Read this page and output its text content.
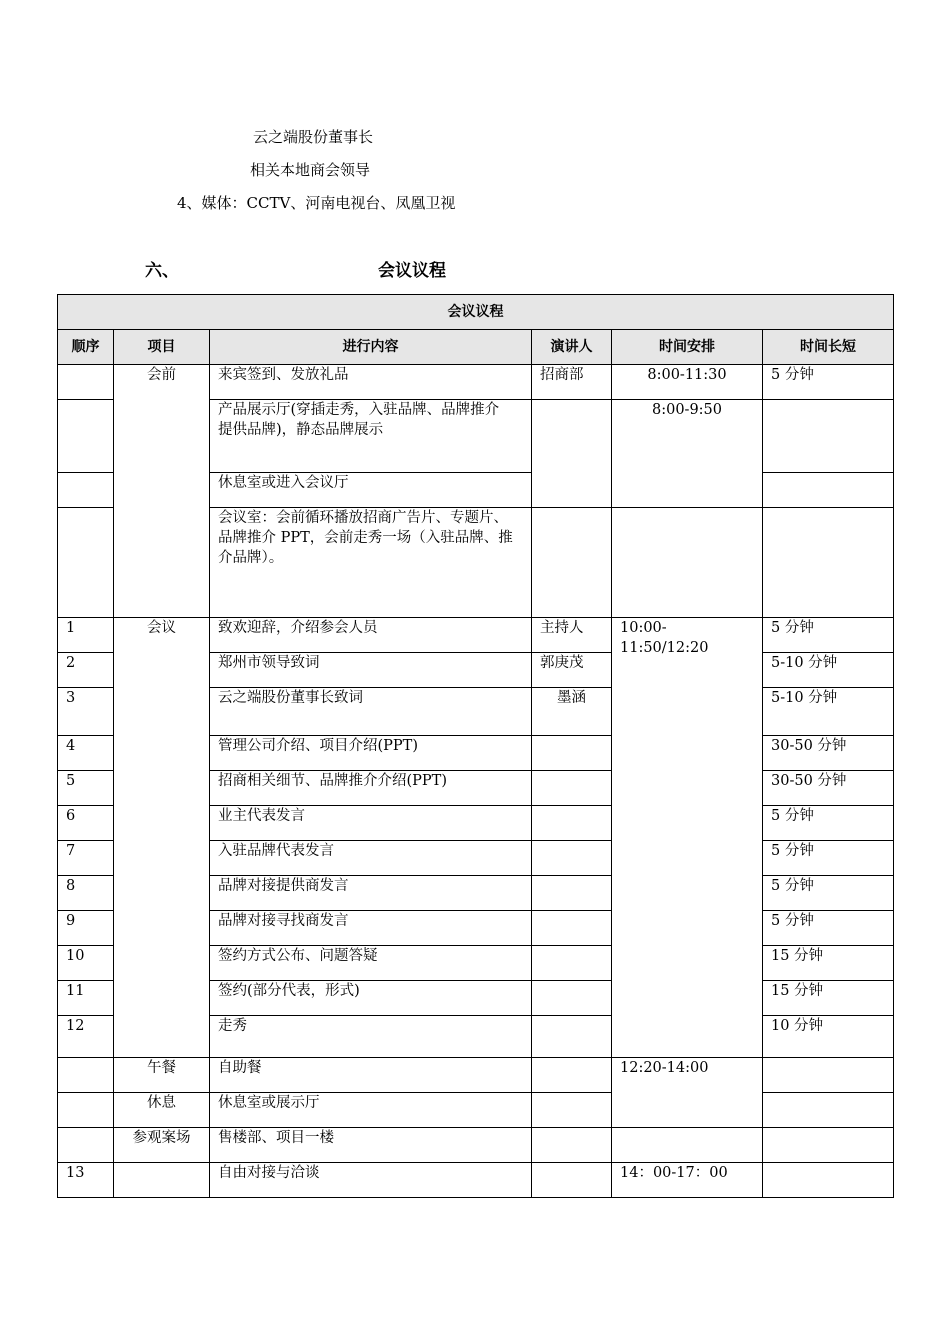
云之端股份董事长
相关本地商会领导
4、媒体：CCTV、河南电视台、凤凰卫视
六、	会议议程
会议议程					
顺序	项目	进行内容	演讲人	时间安排	时间长短
	会前	来宾签到、发放礼品	招商部	8:00-11:30	5 分钟
		产品展示厅(穿插走秀，入驻品牌、品牌推介
提供品牌)，静态品牌展示		8:00-9:50	
		休息室或进入会议厅			
		会议室：会前循环播放招商广告片、专题片、
品牌推介 PPT，会前走秀一场（入驻品牌、推
介品牌）。			
1	会议	致欢迎辞，介绍参会人员	主持人	10:00-11:50/12:20	5 分钟
2		郑州市领导致词	郭庚茂		5-10 分钟
3		云之端股份董事长致词	墨涵		5-10 分钟
4		管理公司介绍、项目介绍(PPT)			30-50 分钟
5		招商相关细节、品牌推介介绍(PPT)			30-50 分钟
6		业主代表发言			5 分钟
7		入驻品牌代表发言			5 分钟
8		品牌对接提供商发言			5 分钟
9		品牌对接寻找商发言			5 分钟
10		签约方式公布、问题答疑			15 分钟
11		签约(部分代表，形式)			15 分钟
12		走秀			10 分钟
	午餐	自助餐		12:20-14:00	
	休息	休息室或展示厅			
	参观案场	售楼部、项目一楼			
13		自由对接与洽谈		14：00-17：00	
